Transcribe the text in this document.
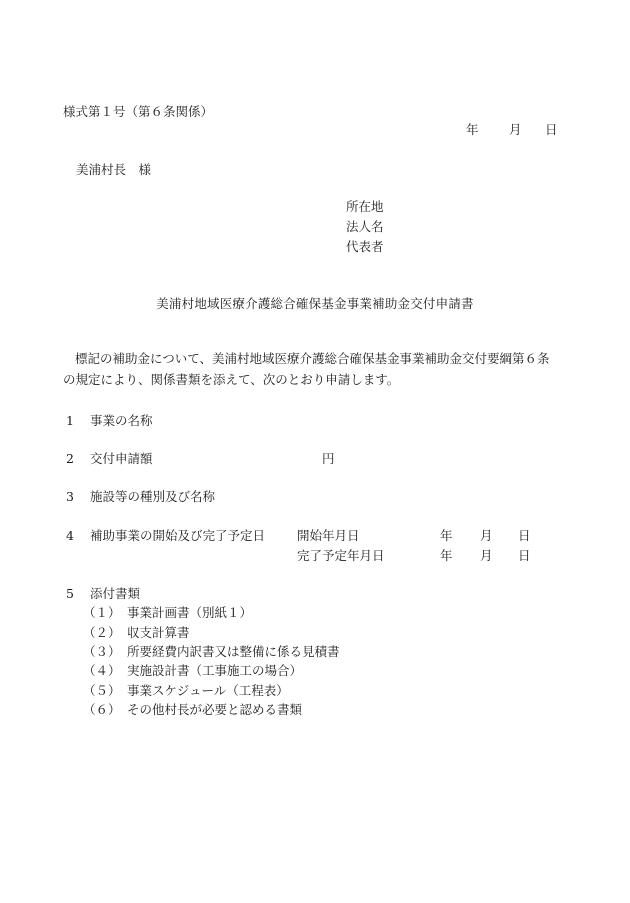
様式第１号（第６条関係）
年 月 日
美浦村長　様
所在地
法人名
代表者
美浦村地域医療介護総合確保基金事業補助金交付申請書
標記の補助金について、美浦村地域医療介護総合確保基金事業補助金交付要綱第６条
の規定により、関係書類を添えて、次のとおり申請します。
1 事業の名称
2 交付申請額	円
3 施設等の種別及び名称
4 補助事業の開始及び完了予定日	開始年月日	年 月 日
完了予定年月日	年 月 日
5 添付書類
（１） 事業計画書（別紙１）
（２） 収支計算書
（３） 所要経費内訳書又は整備に係る見積書
（４） 実施設計書（工事施工の場合）
（５） 事業スケジュール（工程表）
（６） その他村長が必要と認める書類
